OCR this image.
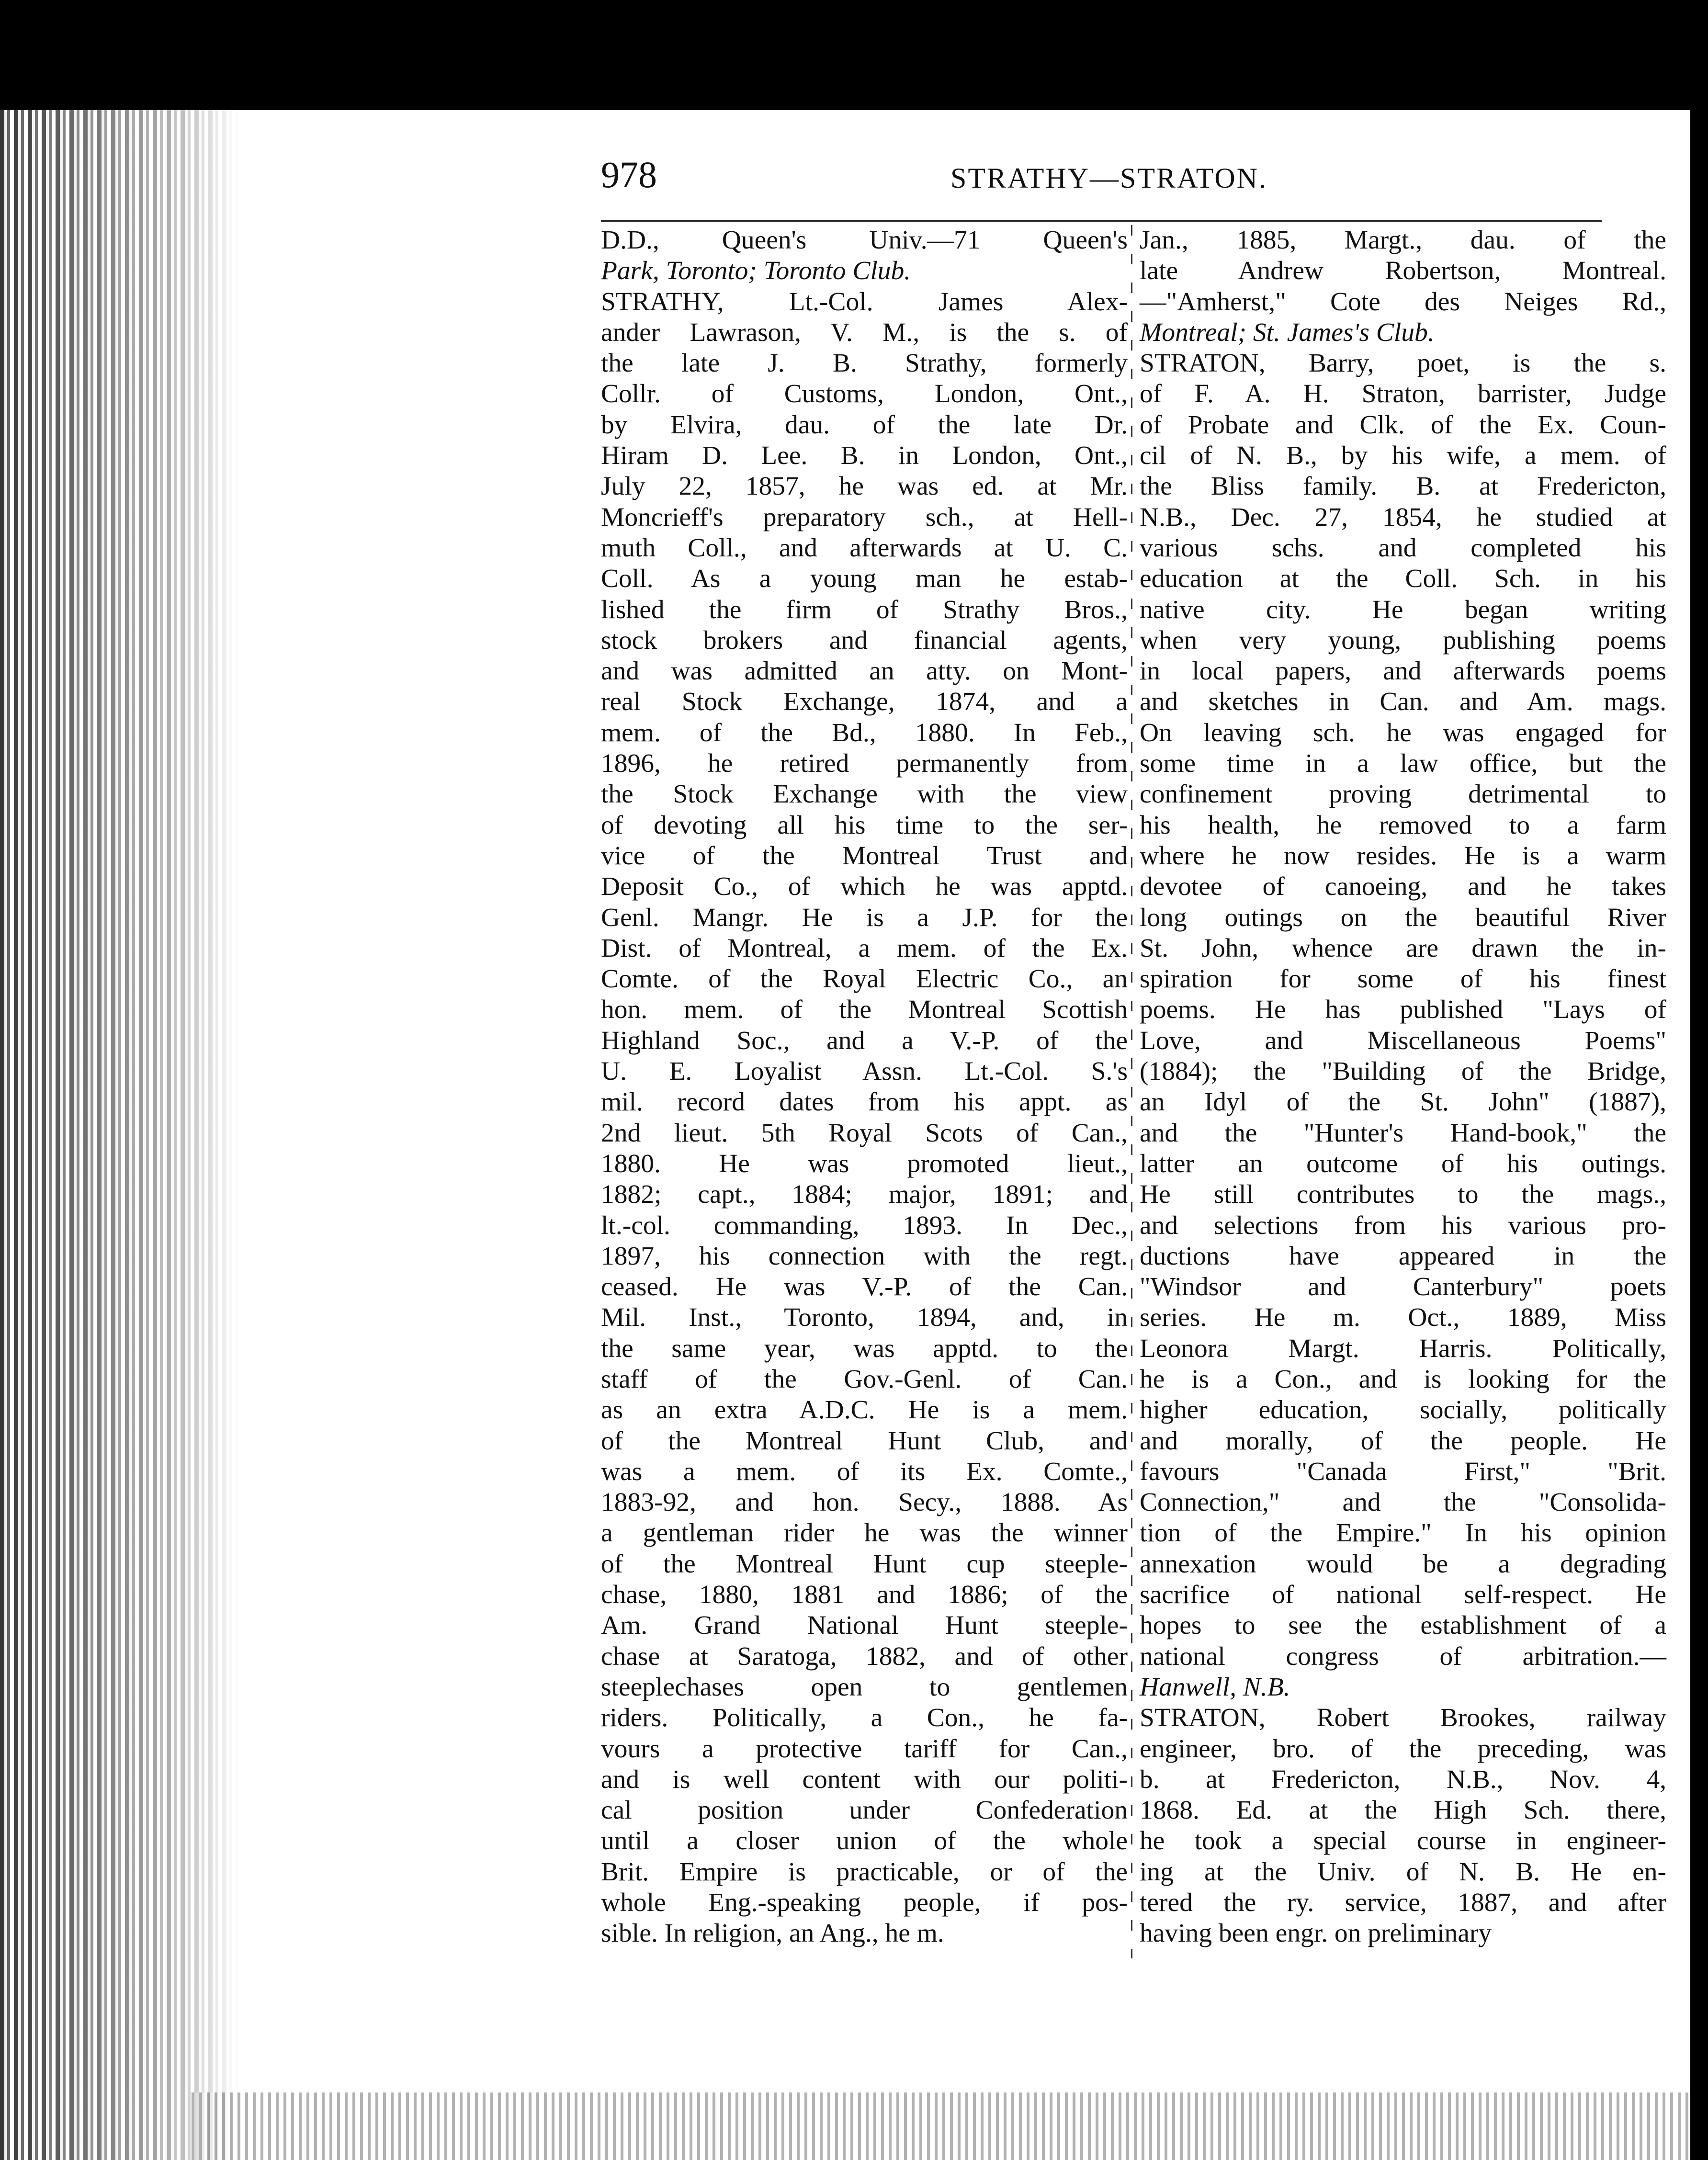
978	STRATHY—STRATON.
D.D., Queen's Univ.—71 Queen's
Park, Toronto; Toronto Club.
STRATHY, Lt.-Col. James Alex-
ander Lawrason, V. M., is the s. of
the late J. B. Strathy, formerly
Collr. of Customs, London, Ont.,
by Elvira, dau. of the late Dr.
Hiram D. Lee. B. in London, Ont.,
July 22, 1857, he was ed. at Mr.
Moncrieff's preparatory sch., at Hell-
muth Coll., and afterwards at U. C.
Coll. As a young man he estab-
lished the firm of Strathy Bros.,
stock brokers and financial agents,
and was admitted an atty. on Mont-
real Stock Exchange, 1874, and a
mem. of the Bd., 1880. In Feb.,
1896, he retired permanently from
the Stock Exchange with the view
of devoting all his time to the ser-
vice of the Montreal Trust and
Deposit Co., of which he was apptd.
Genl. Mangr. He is a J.P. for the
Dist. of Montreal, a mem. of the Ex.
Comte. of the Royal Electric Co., an
hon. mem. of the Montreal Scottish
Highland Soc., and a V.-P. of the
U. E. Loyalist Assn. Lt.-Col. S.'s
mil. record dates from his appt. as
2nd lieut. 5th Royal Scots of Can.,
1880. He was promoted lieut.,
1882; capt., 1884; major, 1891; and
lt.-col. commanding, 1893. In Dec.,
1897, his connection with the regt.
ceased. He was V.-P. of the Can.
Mil. Inst., Toronto, 1894, and, in
the same year, was apptd. to the
staff of the Gov.-Genl. of Can.
as an extra A.D.C. He is a mem.
of the Montreal Hunt Club, and
was a mem. of its Ex. Comte.,
1883-92, and hon. Secy., 1888. As
a gentleman rider he was the winner
of the Montreal Hunt cup steeple-
chase, 1880, 1881 and 1886; of the
Am. Grand National Hunt steeple-
chase at Saratoga, 1882, and of other
steeplechases open to gentlemen
riders. Politically, a Con., he fa-
vours a protective tariff for Can.,
and is well content with our politi-
cal position under Confederation
until a closer union of the whole
Brit. Empire is practicable, or of the
whole Eng.-speaking people, if pos-
sible. In religion, an Ang., he m.
Jan., 1885, Margt., dau. of the
late Andrew Robertson, Montreal.
—"Amherst," Cote des Neiges Rd.,
Montreal; St. James's Club.
STRATON, Barry, poet, is the s.
of F. A. H. Straton, barrister, Judge
of Probate and Clk. of the Ex. Coun-
cil of N. B., by his wife, a mem. of
the Bliss family. B. at Fredericton,
N.B., Dec. 27, 1854, he studied at
various schs. and completed his
education at the Coll. Sch. in his
native city. He began writing
when very young, publishing poems
in local papers, and afterwards poems
and sketches in Can. and Am. mags.
On leaving sch. he was engaged for
some time in a law office, but the
confinement proving detrimental to
his health, he removed to a farm
where he now resides. He is a warm
devotee of canoeing, and he takes
long outings on the beautiful River
St. John, whence are drawn the in-
spiration for some of his finest
poems. He has published "Lays of
Love, and Miscellaneous Poems"
(1884); the "Building of the Bridge,
an Idyl of the St. John" (1887),
and the "Hunter's Hand-book," the
latter an outcome of his outings.
He still contributes to the mags.,
and selections from his various pro-
ductions have appeared in the
"Windsor and Canterbury" poets
series. He m. Oct., 1889, Miss
Leonora Margt. Harris. Politically,
he is a Con., and is looking for the
higher education, socially, politically
and morally, of the people. He
favours "Canada First," "Brit.
Connection," and the "Consolida-
tion of the Empire." In his opinion
annexation would be a degrading
sacrifice of national self-respect. He
hopes to see the establishment of a
national congress of arbitration.—
Hanwell, N.B.
STRATON, Robert Brookes, railway
engineer, bro. of the preceding, was
b. at Fredericton, N.B., Nov. 4,
1868. Ed. at the High Sch. there,
he took a special course in engineer-
ing at the Univ. of N. B. He en-
tered the ry. service, 1887, and after
having been engr. on preliminary
